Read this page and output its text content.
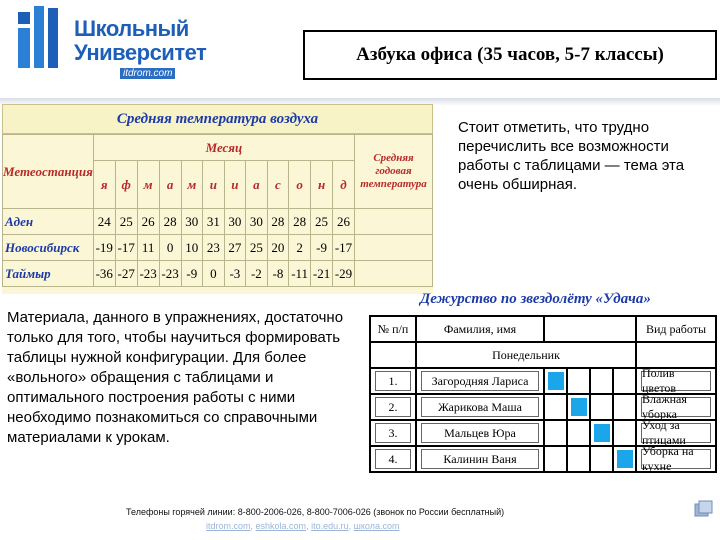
Школьный
Университет
itdrom.com
Азбука офиса (35 часов, 5-7 классы)
Средняя температура воздуха
Метеостанция	Месяц												Средняя годовая температура
	я	ф	м	а	м	и	и	а	с	о	н	д	
Аден	24	25	26	28	30	31	30	30	28	28	25	26	
Новосибирск	-19	-17	11	0	10	23	27	25	20	2	-9	-17	
Таймыр	-36	-27	-23	-23	-9	0	-3	-2	-8	-11	-21	-29	
Стоит отметить, что трудно перечислить все возможности работы с таблицами — тема эта очень обширная.
Материала, данного в упражнениях, достаточно только для того, чтобы научиться формировать таблицы нужной конфигурации. Для более «вольного» обращения с таблицами и оптимального построения работы с ними необходимо познакомиться со справочными материалами к урокам.
Дежурство по звездолёту «Удача»
№ п/п	Фамилия, имя					Вид работы
	Понедельник					

1.	Загородняя Лариса					Полив цветов

2.	Жарикова Маша					Влажная уборка

3.	Мальцев Юра					Уход за птицами

4.	Калинин Ваня					Уборка на кухне
Телефоны горячей линии: 8-800-2006-026, 8-800-7006-026 (звонок по России бесплатный)
itdrom.com, eshkola.com, ito.edu.ru, школа.com
